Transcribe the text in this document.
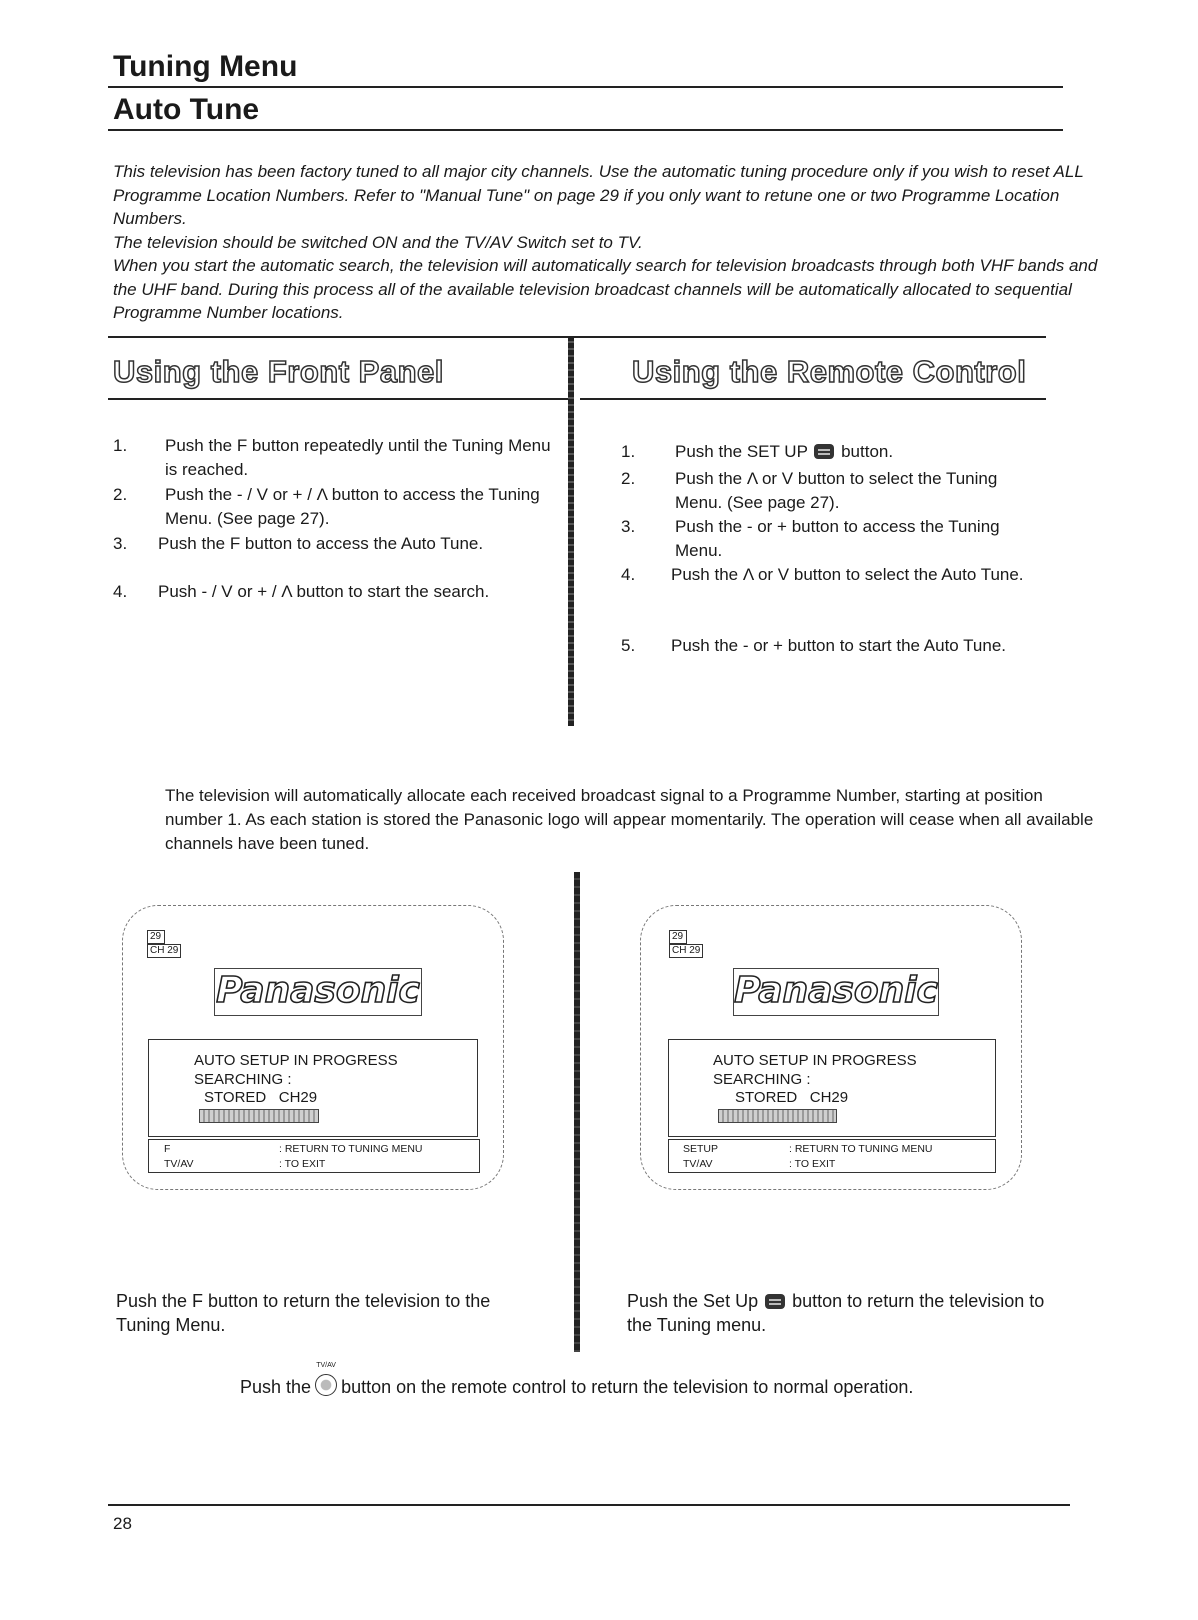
Tuning Menu
Auto Tune

This television has been factory tuned to all major city channels. Use the automatic tuning procedure only if you wish to reset ALL Programme Location Numbers. Refer to "Manual Tune" on page 29 if you only want to retune one or two Programme Location Numbers.

The television should be switched ON and the TV/AV Switch set to TV.

When you start the automatic search, the television will automatically search for television broadcasts through both VHF bands and the UHF band. During this process all of the available television broadcast channels will be automatically allocated to sequential Programme Number locations.

Using the Front Panel	Using the Remote Control
1. Push the F button repeatedly until the Tuning Menu is reached.
2. Push the - / V or + / Λ button to access the Tuning Menu. (See page 27).
3. Push the F button to access the Auto Tune.
4. Push - / V or + / Λ button to start the search.
1. Push the SET UP button.
2. Push the Λ or V button to select the Tuning Menu. (See page 27).
3. Push the - or + button to access the Tuning Menu.
4. Push the Λ or V button to select the Auto Tune.
5. Push the - or + button to start the Auto Tune.
The television will automatically allocate each received broadcast signal to a Programme Number, starting at position number 1. As each station is stored the Panasonic logo will appear momentarily. The operation will cease when all available channels have been tuned.
29
CH 29
Panasonic
AUTO SETUP IN PROGRESS
SEARCHING :
STORED   CH29
F	: RETURN TO TUNING MENU
TV/AV	: TO EXIT
29
CH 29
Panasonic
AUTO SETUP IN PROGRESS
SEARCHING :
STORED   CH29
SETUP	: RETURN TO TUNING MENU
TV/AV	: TO EXIT
Push the F button to return the television to the Tuning Menu.
Push the Set Up button to return the television to the Tuning menu.
Push the
TV/AV
button on the remote control to return the television to normal operation.
28
